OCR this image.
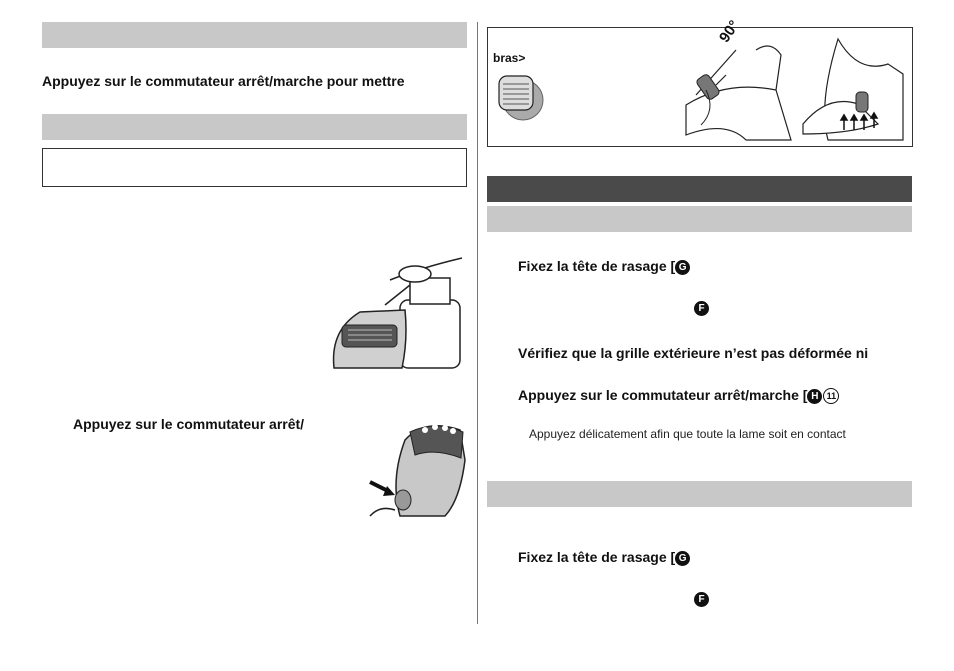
Appuyez sur le commutateur arrêt/marche pour mettre
Appuyez sur le commutateur arrêt/
bras>
90°
Fixez la tête de rasage [ G
F
Vérifiez que la grille extérieure n’est pas déformée ni
Appuyez sur le commutateur arrêt/marche [ H 11
Appuyez délicatement afin que toute la lame soit en contact
Fixez la tête de rasage [ G
F
